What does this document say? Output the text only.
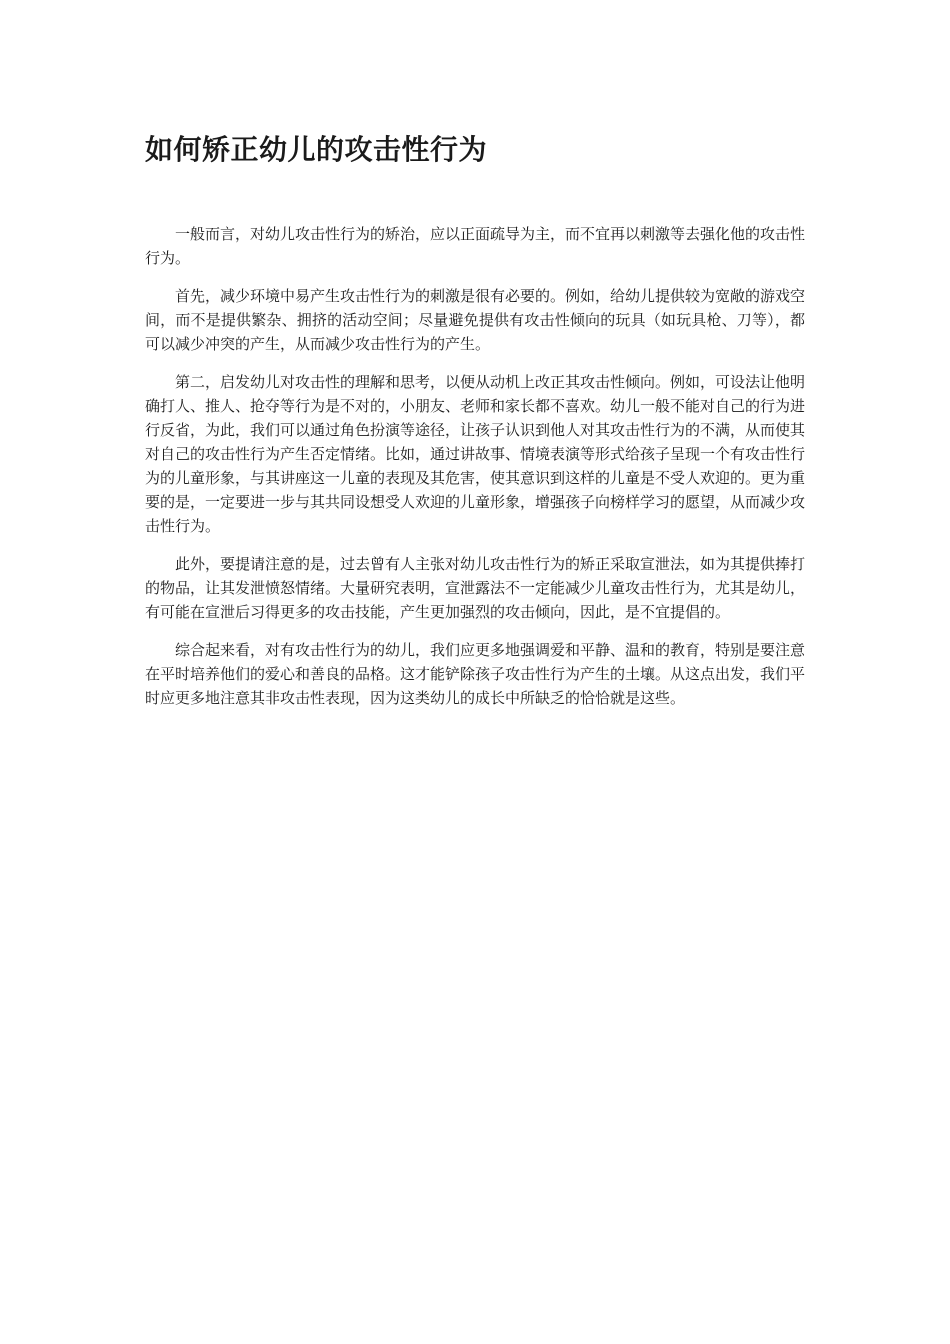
如何矫正幼儿的攻击性行为

一般而言，对幼儿攻击性行为的矫治，应以正面疏导为主，而不宜再以刺激等去强化他的攻击性行为。

首先，减少环境中易产生攻击性行为的刺激是很有必要的。例如，给幼儿提供较为宽敞的游戏空间，而不是提供繁杂、拥挤的活动空间；尽量避免提供有攻击性倾向的玩具（如玩具枪、刀等），都可以减少冲突的产生，从而减少攻击性行为的产生。

第二，启发幼儿对攻击性的理解和思考，以便从动机上改正其攻击性倾向。例如，可设法让他明确打人、推人、抢夺等行为是不对的，小朋友、老师和家长都不喜欢。幼儿一般不能对自己的行为进行反省，为此，我们可以通过角色扮演等途径，让孩子认识到他人对其攻击性行为的不满，从而使其对自己的攻击性行为产生否定情绪。比如，通过讲故事、情境表演等形式给孩子呈现一个有攻击性行为的儿童形象，与其讲座这一儿童的表现及其危害，使其意识到这样的儿童是不受人欢迎的。更为重要的是，一定要进一步与其共同设想受人欢迎的儿童形象，增强孩子向榜样学习的愿望，从而减少攻击性行为。

此外，要提请注意的是，过去曾有人主张对幼儿攻击性行为的矫正采取宣泄法，如为其提供捧打的物品，让其发泄愤怒情绪。大量研究表明，宣泄露法不一定能减少儿童攻击性行为，尤其是幼儿，有可能在宣泄后习得更多的攻击技能，产生更加强烈的攻击倾向，因此，是不宜提倡的。

综合起来看，对有攻击性行为的幼儿，我们应更多地强调爱和平静、温和的教育，特别是要注意在平时培养他们的爱心和善良的品格。这才能铲除孩子攻击性行为产生的土壤。从这点出发，我们平时应更多地注意其非攻击性表现，因为这类幼儿的成长中所缺乏的恰恰就是这些。
